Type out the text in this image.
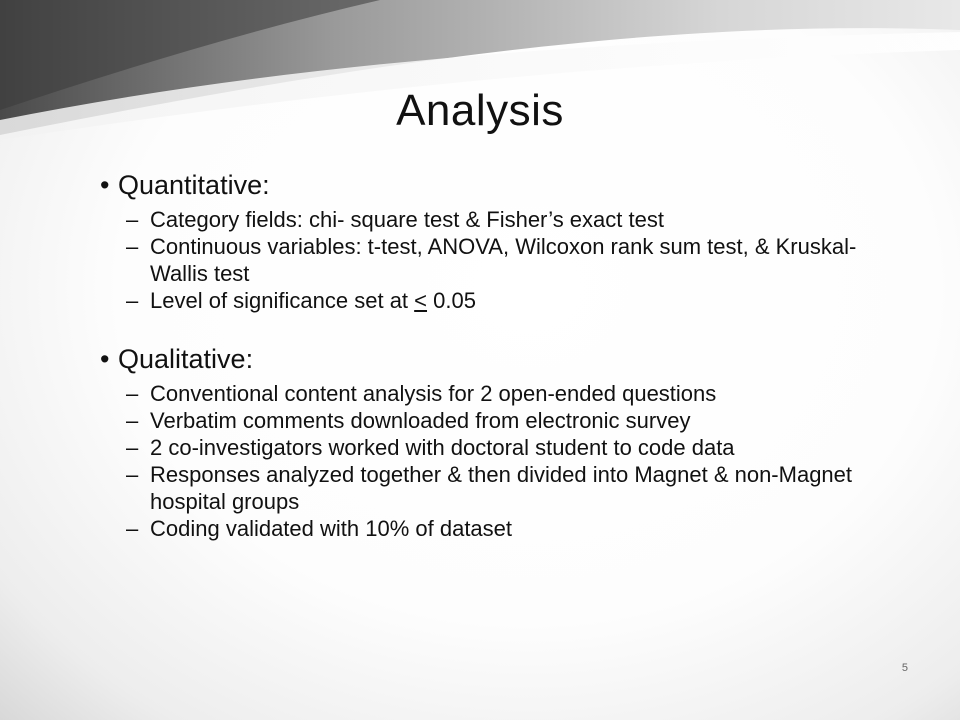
Analysis
• Quantitative:
– Category fields: chi- square test & Fisher’s exact test
– Continuous variables: t-test, ANOVA, Wilcoxon rank sum test, & Kruskal-Wallis test
– Level of significance set at ≤ 0.05
• Qualitative:
– Conventional content analysis for 2 open-ended questions
– Verbatim comments downloaded from electronic survey
– 2 co-investigators worked with doctoral student to code data
– Responses analyzed together & then divided into Magnet & non-Magnet hospital groups
– Coding validated with 10% of dataset
5
